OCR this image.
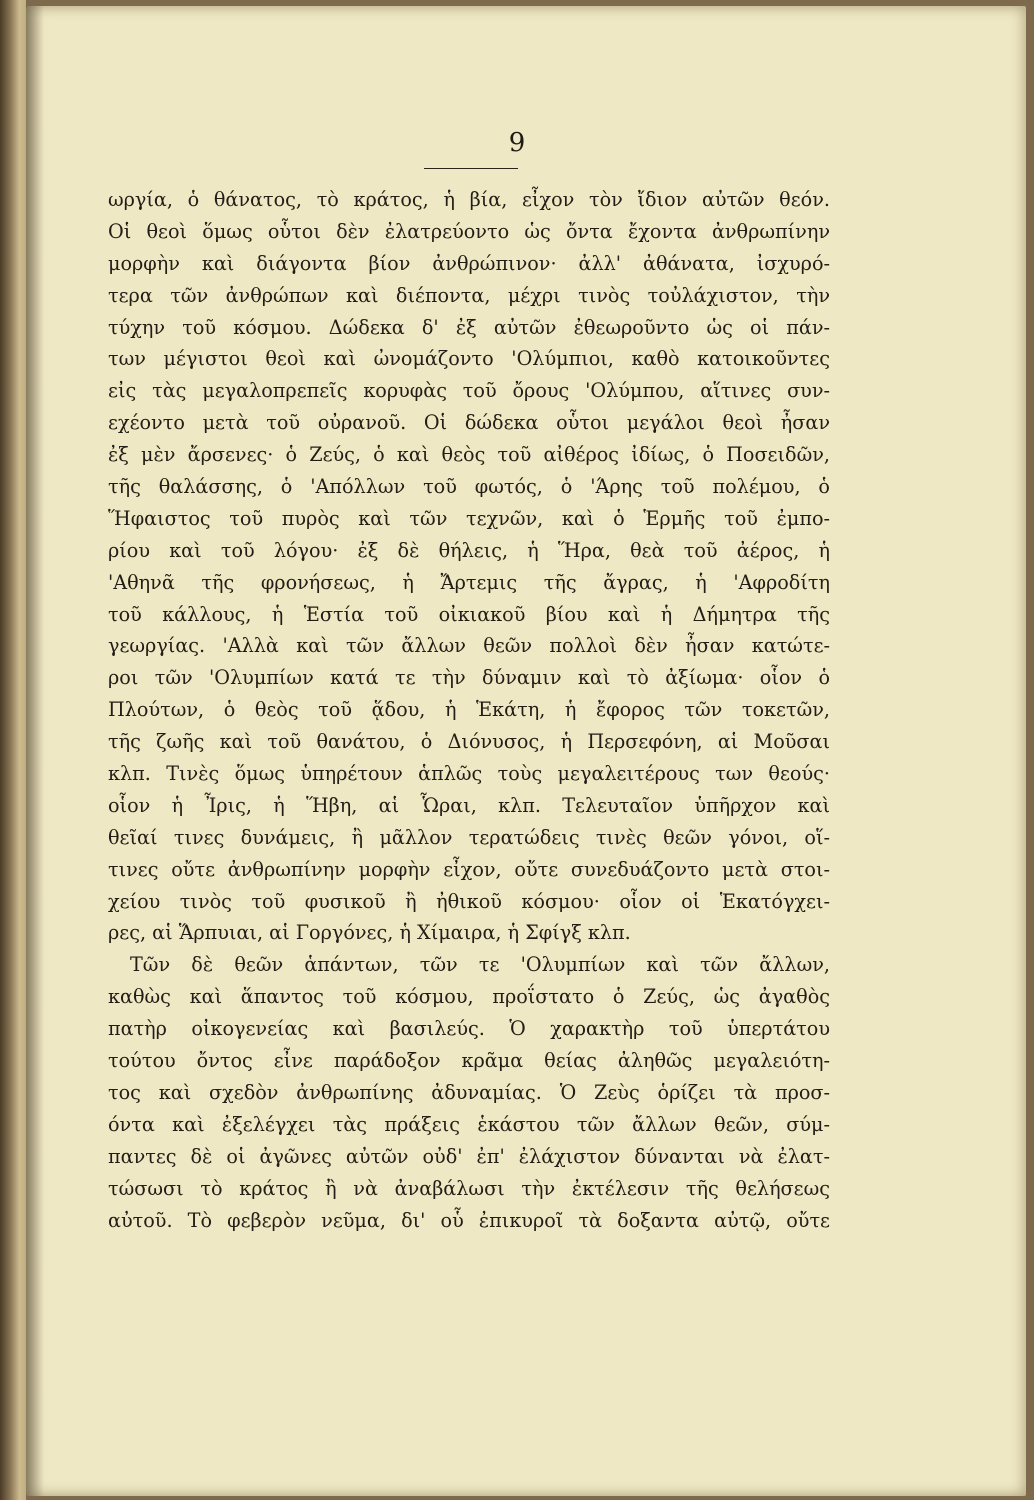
9
ωργία, ὁ θάνατος, τὸ κράτος, ἡ βία, εἶχον τὸν ἴδιον αὐτῶν θεόν.
Οἱ θεοὶ ὅμως οὗτοι δὲν ἐλατρεύοντο ὡς ὄντα ἔχοντα ἀνθρωπίνην
μορφὴν καὶ διάγοντα βίον ἀνθρώπινον· ἀλλ' ἀθάνατα, ἰσχυρό-
τερα τῶν ἀνθρώπων καὶ διέποντα, μέχρι τινὸς τοὐλάχιστον, τὴν
τύχην τοῦ κόσμου. Δώδεκα δ' ἐξ αὐτῶν ἐθεωροῦντο ὡς οἱ πάν-
των μέγιστοι θεοὶ καὶ ὠνομάζοντο 'Ολύμπιοι, καθὸ κατοικοῦντες
εἰς τὰς μεγαλοπρεπεῖς κορυφὰς τοῦ ὄρους 'Ολύμπου, αἵτινες συν-
εχέοντο μετὰ τοῦ οὐρανοῦ. Οἱ δώδεκα οὗτοι μεγάλοι θεοὶ ἦσαν
ἐξ μὲν ἄρσενες· ὁ Ζεύς, ὁ καὶ θεὸς τοῦ αἰθέρος ἰδίως, ὁ Ποσειδῶν,
τῆς θαλάσσης, ὁ 'Απόλλων τοῦ φωτός, ὁ 'Άρης τοῦ πολέμου, ὁ
Ἥφαιστος τοῦ πυρὸς καὶ τῶν τεχνῶν, καὶ ὁ Ἑρμῆς τοῦ ἐμπο-
ρίου καὶ τοῦ λόγου· ἐξ δὲ θήλεις, ἡ Ἥρα, θεὰ τοῦ ἀέρος, ἡ
'Αθηνᾶ τῆς φρονήσεως, ἡ Ἄρτεμις τῆς ἄγρας, ἡ 'Αφροδίτη
τοῦ κάλλους, ἡ Ἑστία τοῦ οἰκιακοῦ βίου καὶ ἡ Δήμητρα τῆς
γεωργίας. 'Αλλὰ καὶ τῶν ἄλλων θεῶν πολλοὶ δὲν ἦσαν κατώτε-
ροι τῶν 'Ολυμπίων κατά τε τὴν δύναμιν καὶ τὸ ἀξίωμα· οἷον ὁ
Πλούτων, ὁ θεὸς τοῦ ᾅδου, ἡ Ἑκάτη, ἡ ἔφορος τῶν τοκετῶν,
τῆς ζωῆς καὶ τοῦ θανάτου, ὁ Διόνυσος, ἡ Περσεφόνη, αἱ Μοῦσαι
κλπ. Τινὲς ὅμως ὑπηρέτουν ἁπλῶς τοὺς μεγαλειτέρους των θεούς·
οἷον ἡ Ἶρις, ἡ Ἥβη, αἱ Ὧραι, κλπ. Τελευταῖον ὑπῆρχον καὶ
θεῖαί τινες δυνάμεις, ἢ μᾶλλον τερατώδεις τινὲς θεῶν γόνοι, οἵ-
τινες οὔτε ἀνθρωπίνην μορφὴν εἶχον, οὔτε συνεδυάζοντο μετὰ στοι-
χείου τινὸς τοῦ φυσικοῦ ἢ ἠθικοῦ κόσμου· οἷον οἱ Ἑκατόγχει-
ρες, αἱ Ἅρπυιαι, αἱ Γοργόνες, ἡ Χίμαιρα, ἡ Σφίγξ κλπ.
Τῶν δὲ θεῶν ἁπάντων, τῶν τε 'Ολυμπίων καὶ τῶν ἄλλων,
καθὼς καὶ ἅπαντος τοῦ κόσμου, προΐστατο ὁ Ζεύς, ὡς ἀγαθὸς
πατὴρ οἰκογενείας καὶ βασιλεύς. Ὁ χαρακτὴρ τοῦ ὑπερτάτου
τούτου ὄντος εἶνε παράδοξον κρᾶμα θείας ἀληθῶς μεγαλειότη-
τος καὶ σχεδὸν ἀνθρωπίνης ἀδυναμίας. Ὁ Ζεὺς ὁρίζει τὰ προσ-
όντα καὶ ἐξελέγχει τὰς πράξεις ἑκάστου τῶν ἄλλων θεῶν, σύμ-
παντες δὲ οἱ ἀγῶνες αὐτῶν οὐδ' ἐπ' ἐλάχιστον δύνανται νὰ ἐλατ-
τώσωσι τὸ κράτος ἢ νὰ ἀναβάλωσι τὴν ἐκτέλεσιν τῆς θελήσεως
αὐτοῦ. Τὸ φεβερὸν νεῦμα, δι' οὗ ἐπικυροῖ τὰ δοξαντα αὐτῷ, οὔτε
